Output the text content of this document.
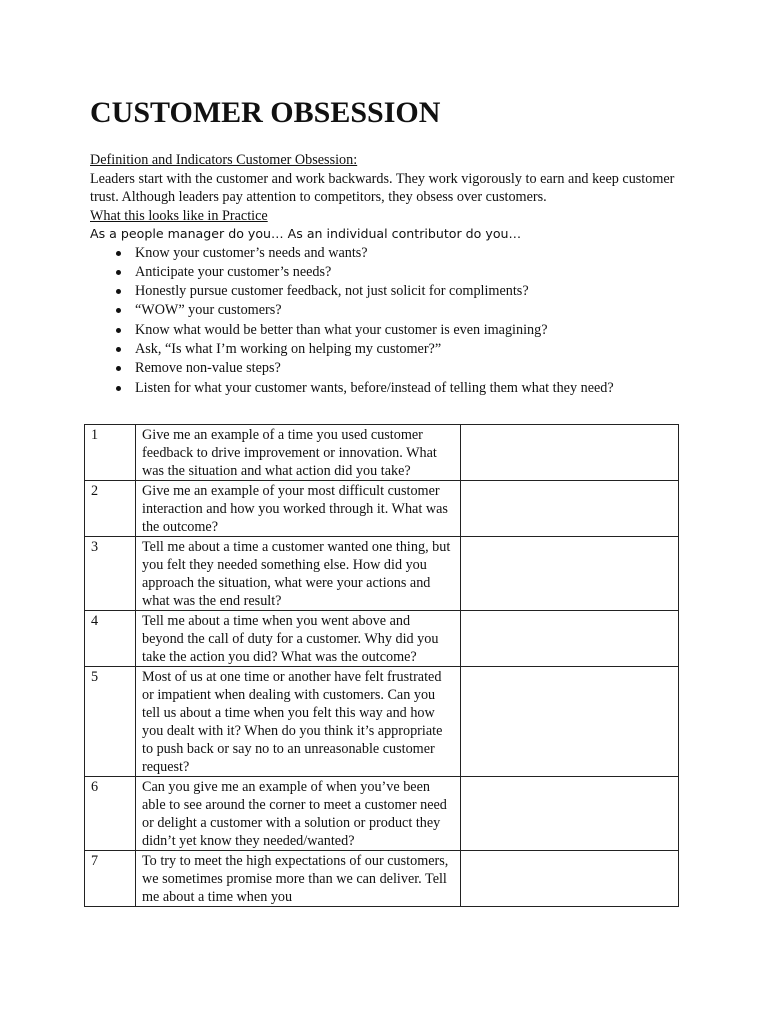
CUSTOMER OBSESSION

Definition and Indicators Customer Obsession:

Leaders start with the customer and work backwards. They work vigorously to earn and keep customer trust. Although leaders pay attention to competitors, they obsess over customers.

What this looks like in Practice

As a people manager do you… As an individual contributor do you…

Know your customer’s needs and wants?
Anticipate your customer’s needs?
Honestly pursue customer feedback, not just solicit for compliments?
“WOW” your customers?
Know what would be better than what your customer is even imagining?
Ask, “Is what I’m working on helping my customer?”
Remove non-value steps?
Listen for what your customer wants, before/instead of telling them what they need?
1	Give me an example of a time you used customer feedback to drive improvement or innovation. What was the situation and what action did you take?	
2	Give me an example of your most difficult customer interaction and how you worked through it. What was the outcome?	
3	Tell me about a time a customer wanted one thing, but you felt they needed something else. How did you approach the situation, what were your actions and what was the end result?	
4	Tell me about a time when you went above and beyond the call of duty for a customer. Why did you take the action you did? What was the outcome?	
5	Most of us at one time or another have felt frustrated or impatient when dealing with customers. Can you tell us about a time when you felt this way and how you dealt with it? When do you think it’s appropriate to push back or say no to an unreasonable customer request?	
6	Can you give me an example of when you’ve been able to see around the corner to meet a customer need or delight a customer with a solution or product they didn’t yet know they needed/wanted?	
7	To try to meet the high expectations of our customers, we sometimes promise more than we can deliver. Tell me about a time when you	
